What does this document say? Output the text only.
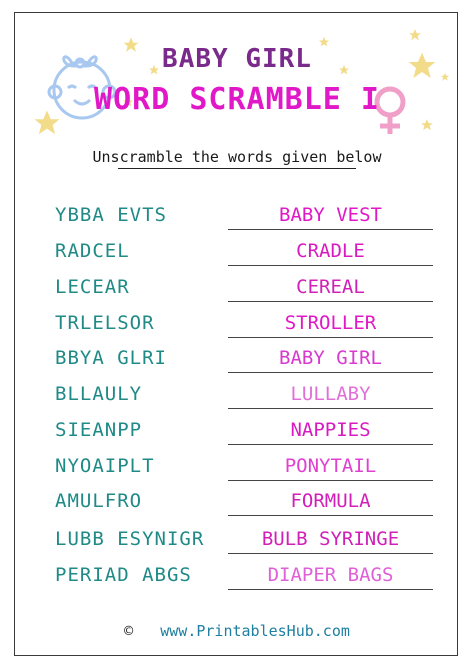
BABY GIRL
WORD SCRAMBLE I
Unscramble the words given below
YBBA EVTS	BABY VEST
RADCEL	CRADLE
LECEAR	CEREAL
TRLELSOR	STROLLER
BBYA GLRI	BABY GIRL
BLLAULY	LULLABY
SIEANPP	NAPPIES
NYOAIPLT	PONYTAIL
AMULFRO	FORMULA
LUBB ESYNIGR	BULB SYRINGE
PERIAD ABGS	DIAPER BAGS
© www.PrintablesHub.com
